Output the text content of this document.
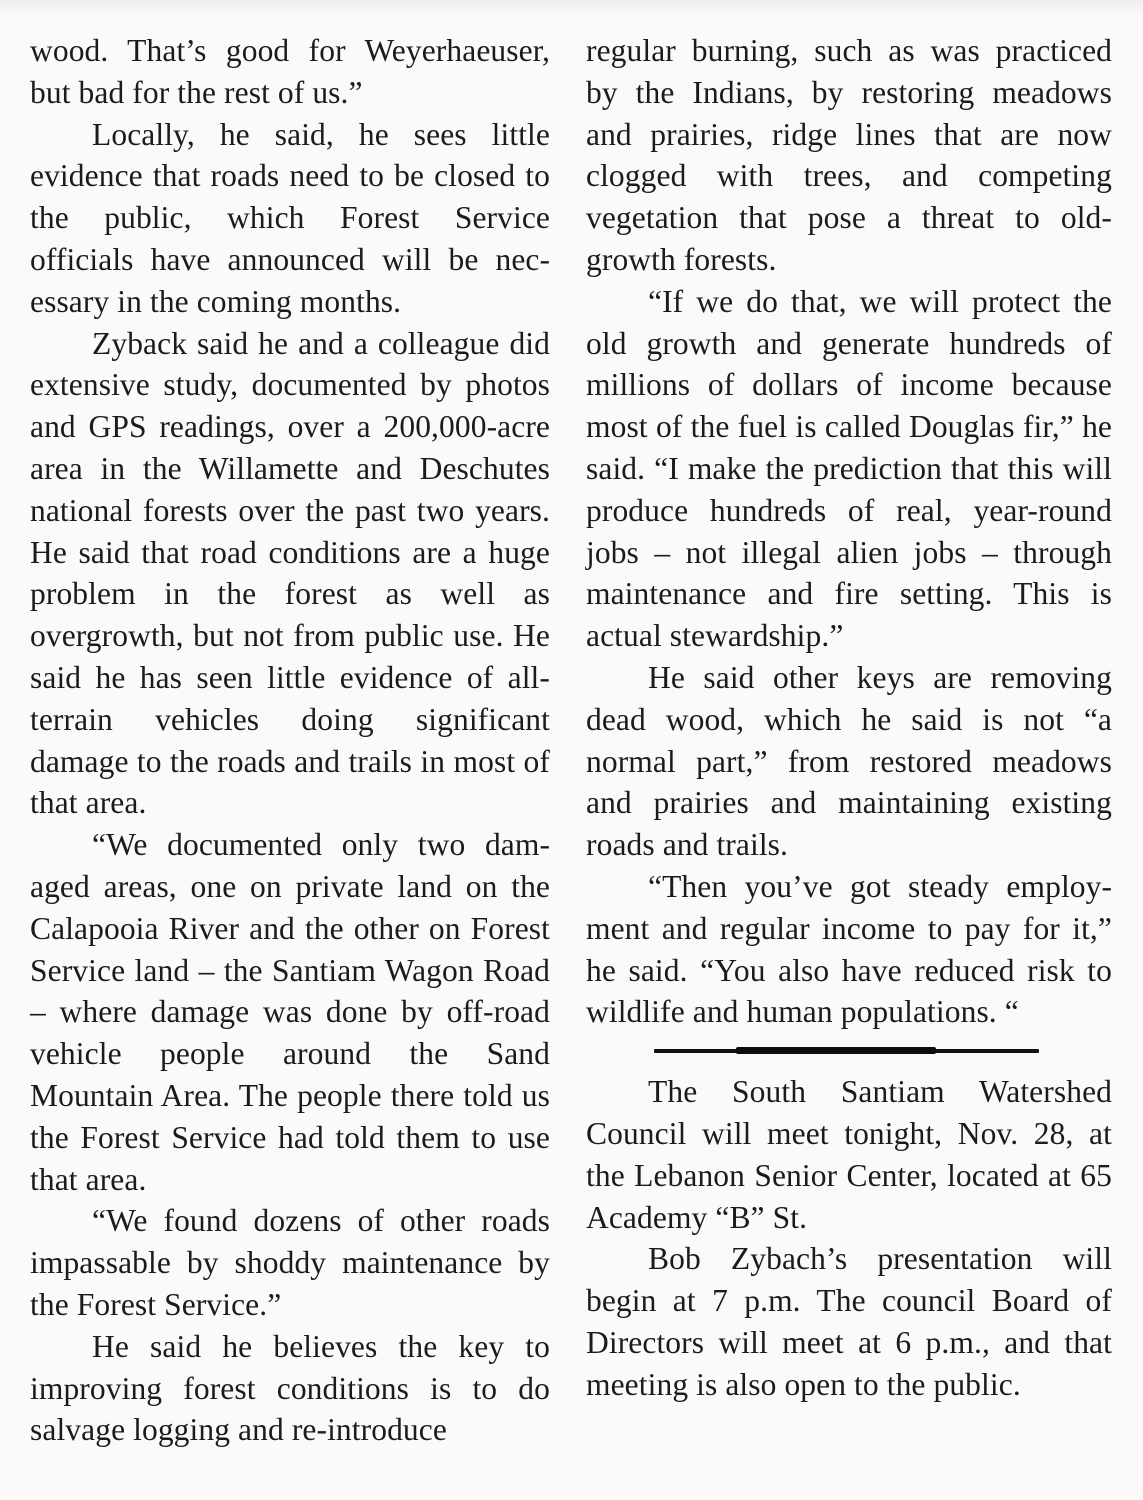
wood. That’s good for Weyerhaeuser, but bad for the rest of us.”

Locally, he said, he sees little evidence that roads need to be closed to the public, which Forest Service officials have announced will be necessary in the coming months.

Zyback said he and a colleague did extensive study, documented by photos and GPS readings, over a 200,000-acre area in the Willamette and Deschutes national forests over the past two years. He said that road conditions are a huge problem in the forest as well as overgrowth, but not from public use. He said he has seen little evidence of all-terrain vehicles doing significant damage to the roads and trails in most of that area.

“We documented only two damaged areas, one on private land on the Calapooia River and the other on Forest Service land – the Santiam Wagon Road – where damage was done by off-road vehicle people around the Sand Mountain Area. The people there told us the Forest Service had told them to use that area.

“We found dozens of other roads impassable by shoddy maintenance by the Forest Service.”

He said he believes the key to improving forest conditions is to do salvage logging and re-introduce

regular burning, such as was practiced by the Indians, by restoring meadows and prairies, ridge lines that are now clogged with trees, and competing vegetation that pose a threat to old-growth forests.

“If we do that, we will protect the old growth and generate hundreds of millions of dollars of income because most of the fuel is called Douglas fir,” he said. “I make the prediction that this will produce hundreds of real, year-round jobs – not illegal alien jobs – through maintenance and fire setting. This is actual stewardship.”

He said other keys are removing dead wood, which he said is not “a normal part,” from restored meadows and prairies and maintaining existing roads and trails.

“Then you’ve got steady employment and regular income to pay for it,” he said. “You also have reduced risk to wildlife and human populations. “

The South Santiam Watershed Council will meet tonight, Nov. 28, at the Lebanon Senior Center, located at 65 Academy “B” St.

Bob Zybach’s presentation will begin at 7 p.m. The council Board of Directors will meet at 6 p.m., and that meeting is also open to the public.
